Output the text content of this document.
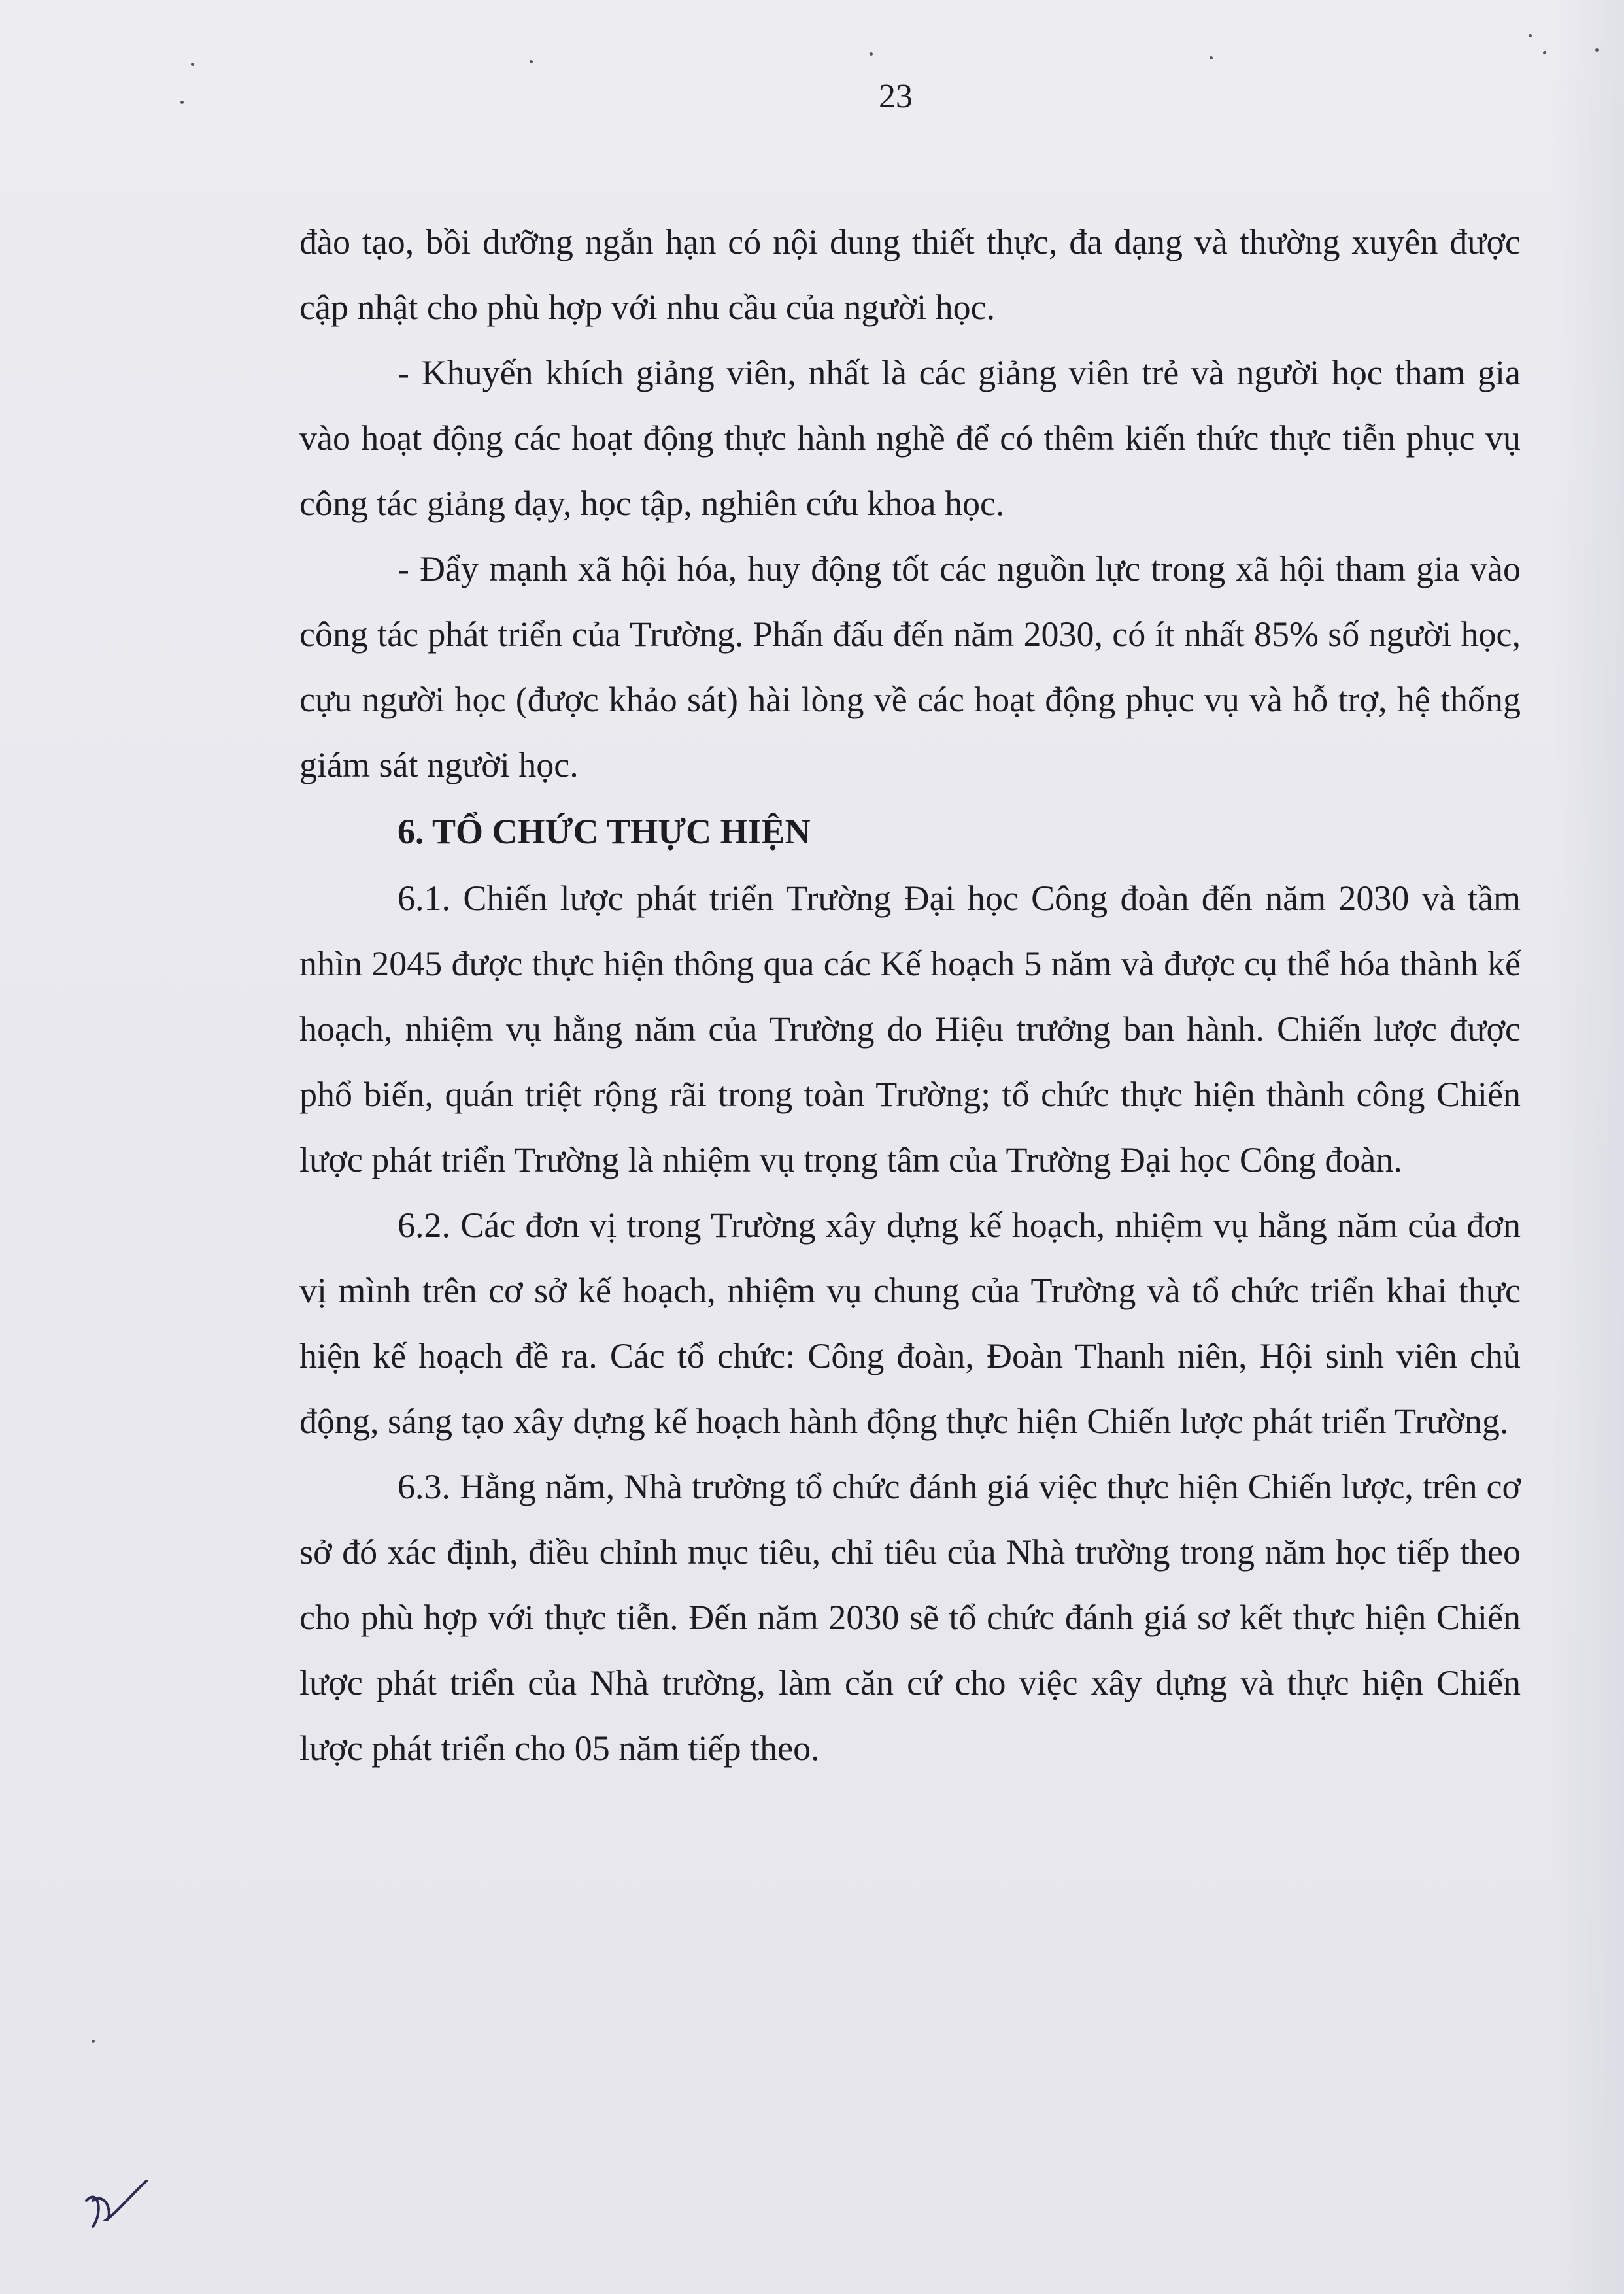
23

đào tạo, bồi dưỡng ngắn hạn có nội dung thiết thực, đa dạng và thường xuyên được cập nhật cho phù hợp với nhu cầu của người học.

- Khuyến khích giảng viên, nhất là các giảng viên trẻ và người học tham gia vào hoạt động các hoạt động thực hành nghề để có thêm kiến thức thực tiễn phục vụ công tác giảng dạy, học tập, nghiên cứu khoa học.

- Đẩy mạnh xã hội hóa, huy động tốt các nguồn lực trong xã hội tham gia vào công tác phát triển của Trường. Phấn đấu đến năm 2030, có ít nhất 85% số người học, cựu người học (được khảo sát) hài lòng về các hoạt động phục vụ và hỗ trợ, hệ thống giám sát người học.

6. TỔ CHỨC THỰC HIỆN

6.1. Chiến lược phát triển Trường Đại học Công đoàn đến năm 2030 và tầm nhìn 2045 được thực hiện thông qua các Kế hoạch 5 năm và được cụ thể hóa thành kế hoạch, nhiệm vụ hằng năm của Trường do Hiệu trưởng ban hành. Chiến lược được phổ biến, quán triệt rộng rãi trong toàn Trường; tổ chức thực hiện thành công Chiến lược phát triển Trường là nhiệm vụ trọng tâm của Trường Đại học Công đoàn.

6.2. Các đơn vị trong Trường xây dựng kế hoạch, nhiệm vụ hằng năm của đơn vị mình trên cơ sở kế hoạch, nhiệm vụ chung của Trường và tổ chức triển khai thực hiện kế hoạch đề ra. Các tổ chức: Công đoàn, Đoàn Thanh niên, Hội sinh viên chủ động, sáng tạo xây dựng kế hoạch hành động thực hiện Chiến lược phát triển Trường.

6.3. Hằng năm, Nhà trường tổ chức đánh giá việc thực hiện Chiến lược, trên cơ sở đó xác định, điều chỉnh mục tiêu, chỉ tiêu của Nhà trường trong năm học tiếp theo cho phù hợp với thực tiễn. Đến năm 2030 sẽ tổ chức đánh giá sơ kết thực hiện Chiến lược phát triển của Nhà trường, làm căn cứ cho việc xây dựng và thực hiện Chiến lược phát triển cho 05 năm tiếp theo.
